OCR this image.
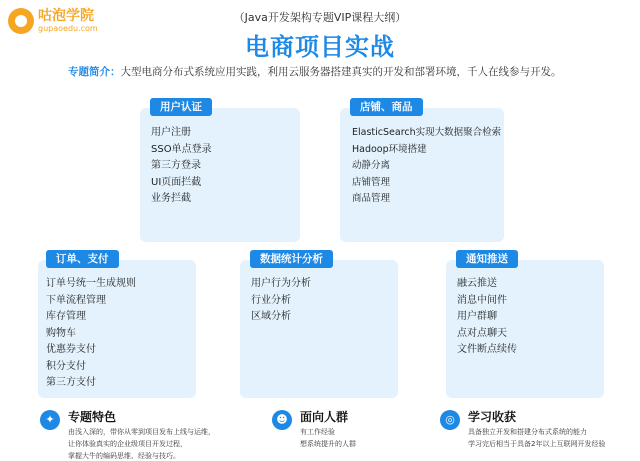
咕泡学院
gupaoedu.com
（Java开发架构专题VIP课程大纲）
电商项目实战
专题简介：大型电商分布式系统应用实践，利用云服务器搭建真实的开发和部署环境，千人在线参与开发。
用户认证
用户注册
SSO单点登录
第三方登录
UI页面拦截
业务拦截
店铺、商品
ElasticSearch实现大数据聚合检索
Hadoop环境搭建
动静分离
店铺管理
商品管理
订单、支付
订单号统一生成规则
下单流程管理
库存管理
购物车
优惠券支付
积分支付
第三方支付
数据统计分析
用户行为分析
行业分析
区域分析
通知推送
融云推送
消息中间件
用户群聊
点对点聊天
文件断点续传
✦	专题特色
由浅入深的，带你从零到项目发布上线与运维，
让你体验真实的企业级项目开发过程，
掌握大牛的编码思维、经验与技巧。
☻	面向人群
有工作经验
想系统提升的人群
◎	学习收获
具备独立开发和搭建分布式系统的能力
学习完后相当于具备2年以上互联网开发经验
